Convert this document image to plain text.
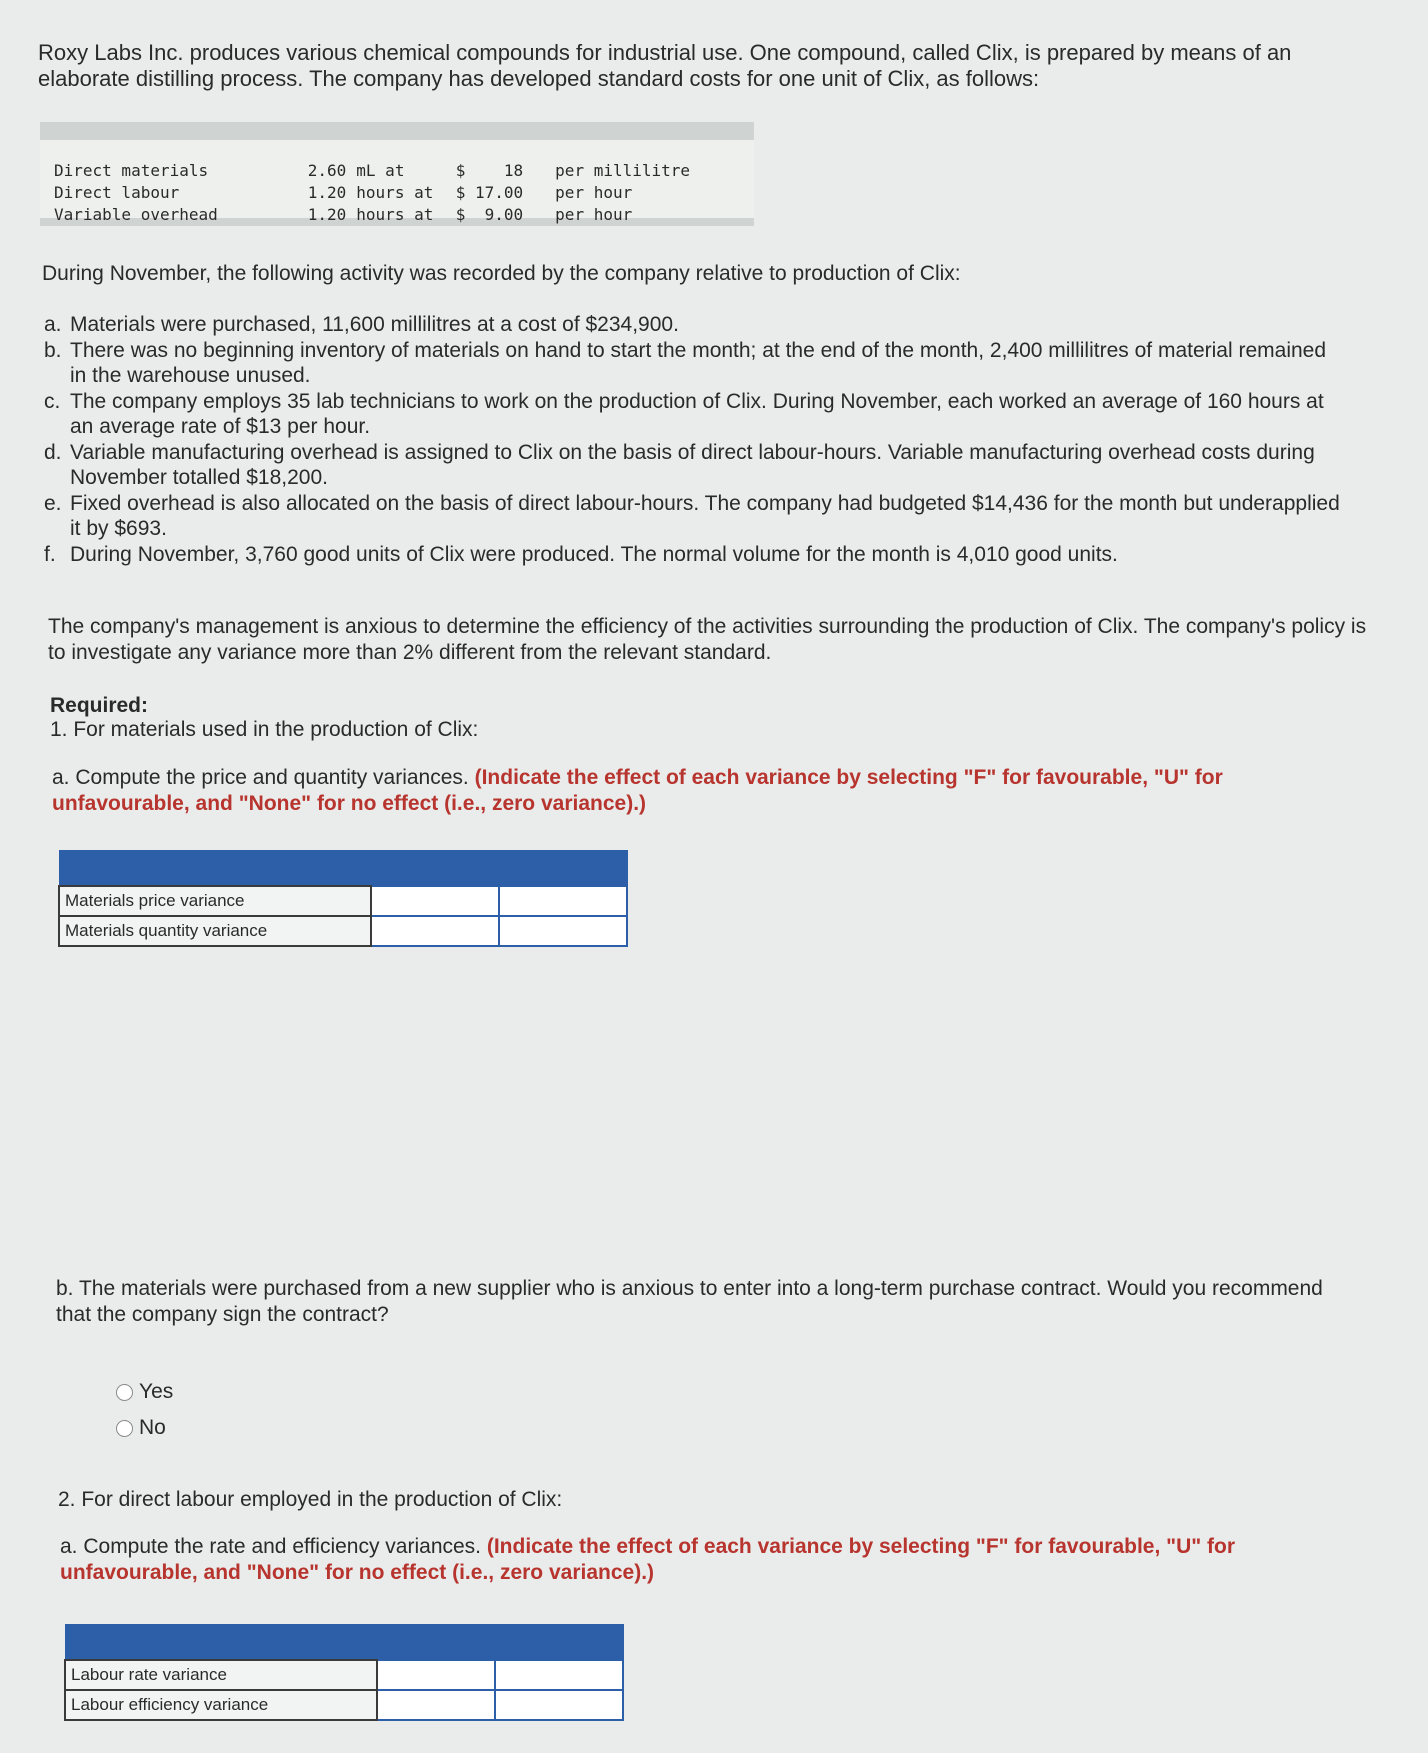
Roxy Labs Inc. produces various chemical compounds for industrial use. One compound, called Clix, is prepared by means of an elaborate distilling process. The company has developed standard costs for one unit of Clix, as follows:

Direct materials	2.60 mL at	$ 18	per millilitre
Direct labour	1.20 hours at	$ 17.00	per hour
Variable overhead	1.20 hours at	$ 9.00	per hour

During November, the following activity was recorded by the company relative to production of Clix:

a. Materials were purchased, 11,600 millilitres at a cost of $234,900.
b. There was no beginning inventory of materials on hand to start the month; at the end of the month, 2,400 millilitres of material remained in the warehouse unused.
c. The company employs 35 lab technicians to work on the production of Clix. During November, each worked an average of 160 hours at an average rate of $13 per hour.
d. Variable manufacturing overhead is assigned to Clix on the basis of direct labour-hours. Variable manufacturing overhead costs during November totalled $18,200.
e. Fixed overhead is also allocated on the basis of direct labour-hours. The company had budgeted $14,436 for the month but underapplied it by $693.
f. During November, 3,760 good units of Clix were produced. The normal volume for the month is 4,010 good units.

The company's management is anxious to determine the efficiency of the activities surrounding the production of Clix. The company's policy is to investigate any variance more than 2% different from the relevant standard.

Required:

1. For materials used in the production of Clix:

a. Compute the price and quantity variances. (Indicate the effect of each variance by selecting "F" for favourable, "U" for unfavourable, and "None" for no effect (i.e., zero variance).)

Materials price variance		
Materials quantity variance		

b. The materials were purchased from a new supplier who is anxious to enter into a long-term purchase contract. Would you recommend that the company sign the contract?

Yes
No

2. For direct labour employed in the production of Clix:

a. Compute the rate and efficiency variances. (Indicate the effect of each variance by selecting "F" for favourable, "U" for unfavourable, and "None" for no effect (i.e., zero variance).)

Labour rate variance		
Labour efficiency variance		
